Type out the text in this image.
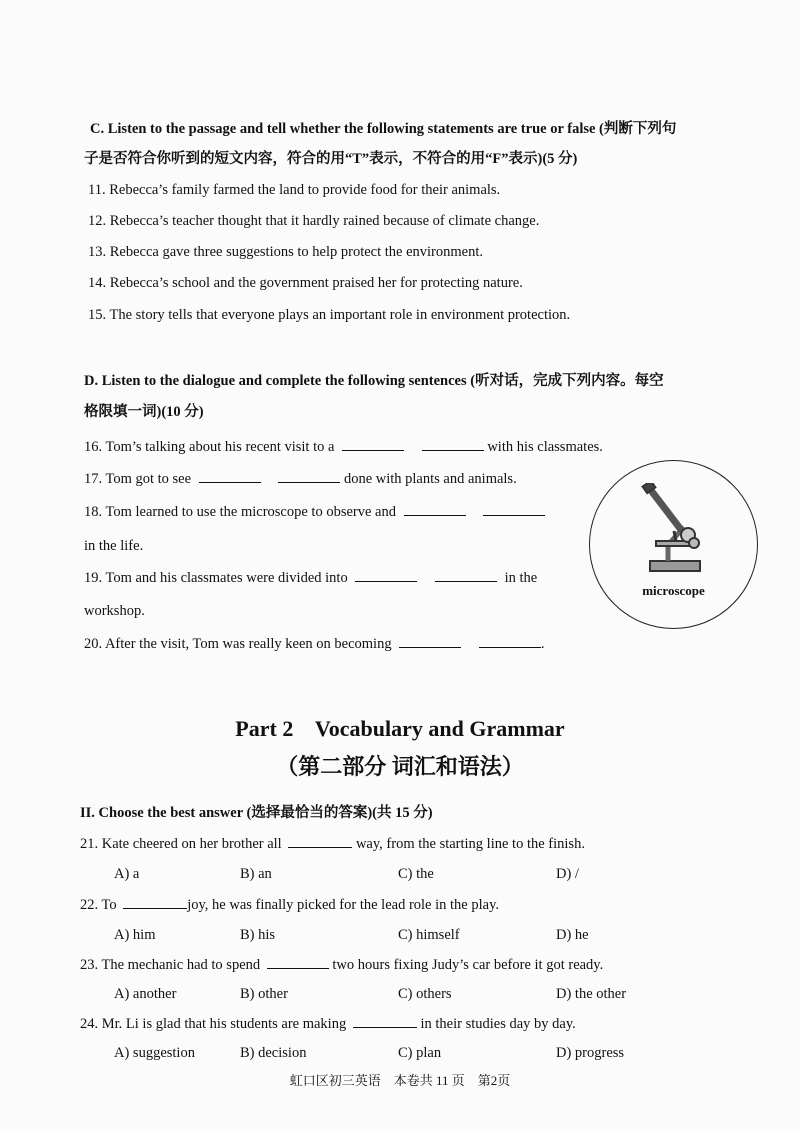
C. Listen to the passage and tell whether the following statements are true or false (判断下列句
子是否符合你听到的短文内容，符合的用“T”表示，不符合的用“F”表示)(5 分)
11. Rebecca’s family farmed the land to provide food for their animals.
12. Rebecca’s teacher thought that it hardly rained because of climate change.
13. Rebecca gave three suggestions to help protect the environment.
14. Rebecca’s school and the government praised her for protecting nature.
15. The story tells that everyone plays an important role in environment protection.
D. Listen to the dialogue and complete the following sentences (听对话，完成下列内容。每空
格限填一词)(10 分)
16. Tom’s talking about his recent visit to a	with his classmates.
17. Tom got to see	done with plants and animals.
18. Tom learned to use the microscope to observe and
in the life.
19. Tom and his classmates were divided into	in the
workshop.
20. After the visit, Tom was really keen on becoming	.
microscope
Part 2    Vocabulary and Grammar
（第二部分 词汇和语法）
II. Choose the best answer (选择最恰当的答案)(共 15 分)
21. Kate cheered on her brother all	way, from the starting line to the finish.
A) a	B) an	C) the	D) /
22. To	joy, he was finally picked for the lead role in the play.
A) him	B) his	C) himself	D) he
23. The mechanic had to spend	two hours fixing Judy’s car before it got ready.
A) another	B) other	C) others	D) the other
24. Mr. Li is glad that his students are making	in their studies day by day.
A) suggestion	B) decision	C) plan	D) progress
虹口区初三英语    本卷共 11 页    第2页
